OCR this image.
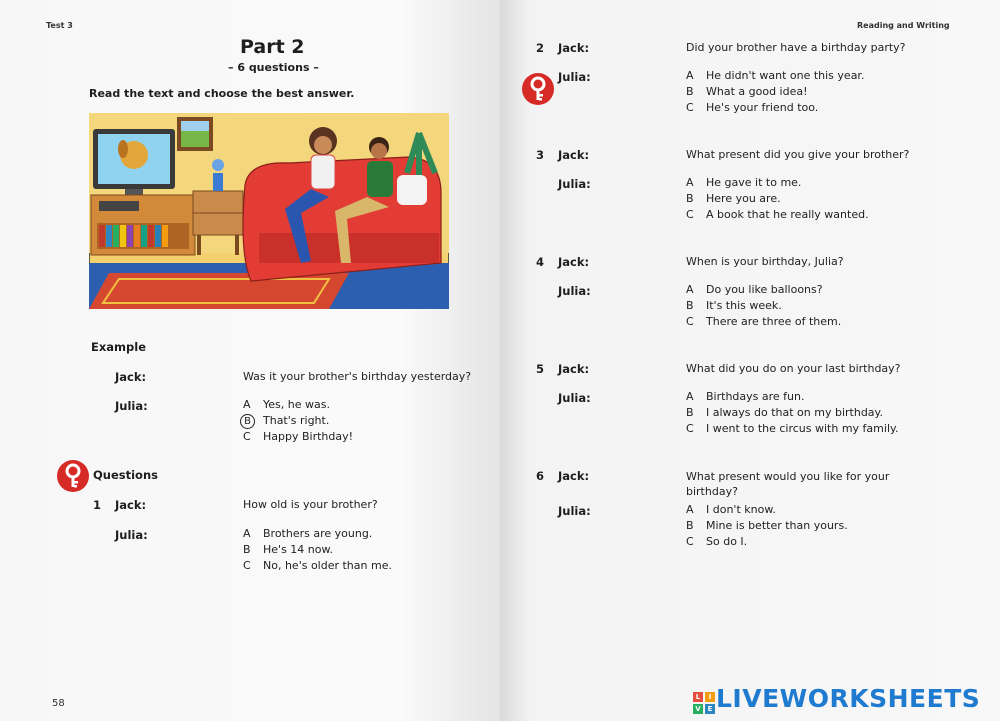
Test 3
Part 2
– 6 questions –
Read the text and choose the best answer.
Example
Jack:	Was it your brother's birthday yesterday?
Julia:	A Yes, he was.
B That's right.
C Happy Birthday!
Questions
1 Jack:	How old is your brother?
Julia:	A Brothers are young.
B He's 14 now.
C No, he's older than me.
58
Reading and Writing
2 Jack:	Did your brother have a birthday party?
Julia:	A He didn't want one this year.
B What a good idea!
C He's your friend too.
3 Jack:	What present did you give your brother?
Julia:	A He gave it to me.
B Here you are.
C A book that he really wanted.
4 Jack:	When is your birthday, Julia?
Julia:	A Do you like balloons?
B It's this week.
C There are three of them.
5 Jack:	What did you do on your last birthday?
Julia:	A Birthdays are fun.
B I always do that on my birthday.
C I went to the circus with my family.
6 Jack:	What present would you like for your
birthday?
Julia:	A I don't know.
B Mine is better than yours.
C So do I.
L	I
V E LIVEWORKSHEETS
